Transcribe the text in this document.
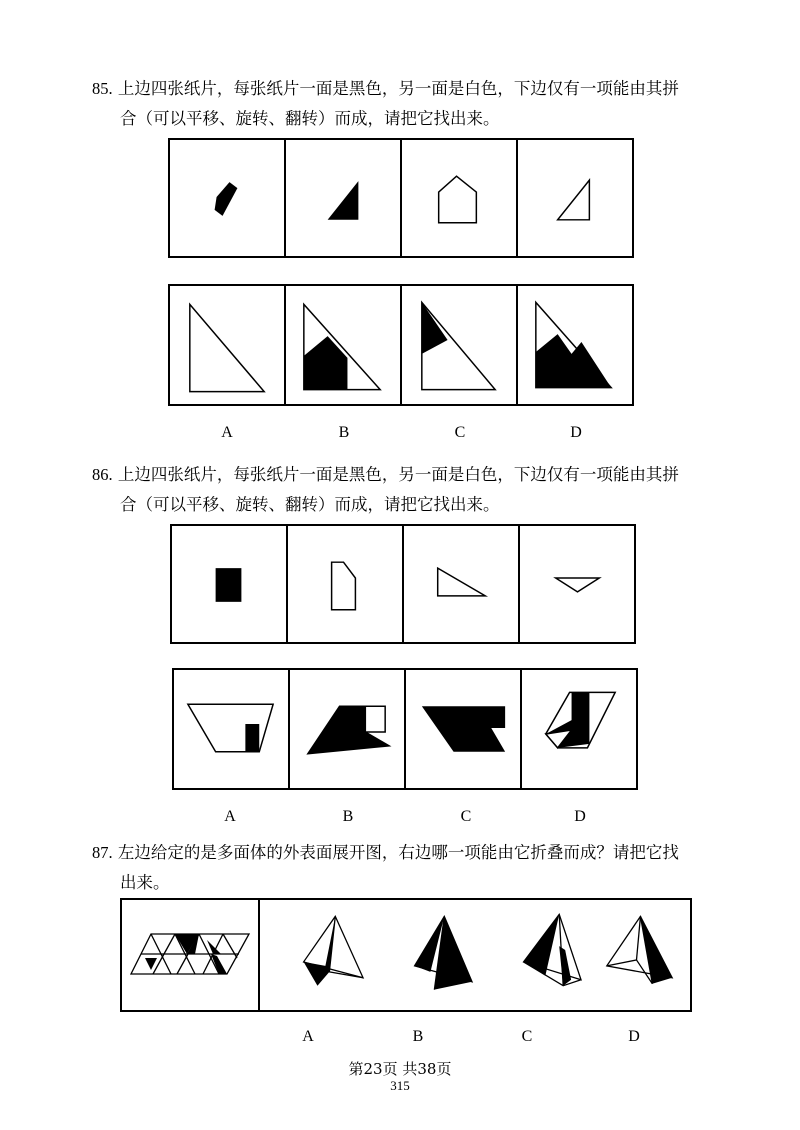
85. 上边四张纸片，每张纸片一面是黑色，另一面是白色，下边仅有一项能由其拼
合（可以平移、旋转、翻转）而成，请把它找出来。
A	B	C	D
86. 上边四张纸片，每张纸片一面是黑色，另一面是白色，下边仅有一项能由其拼
合（可以平移、旋转、翻转）而成，请把它找出来。
A	B	C	D
87. 左边给定的是多面体的外表面展开图，右边哪一项能由它折叠而成？请把它找
出来。
A	B	C	D
第23页 共38页
315
